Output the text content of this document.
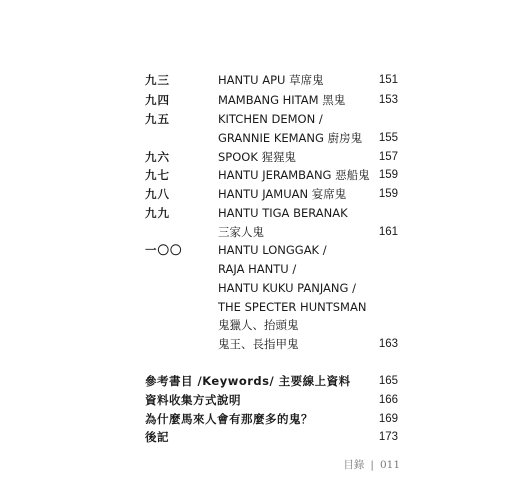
九三	HANTU APU 草席鬼	151
九四	MAMBANG HITAM 黑鬼	153
九五	KITCHEN DEMON /
GRANNIE KEMANG 廚房鬼 155
九六	SPOOK 猩猩鬼	157
九七	HANTU JERAMBANG 惡船鬼 159
九八	HANTU JAMUAN 宴席鬼	159
九九	HANTU TIGA BERANAK
三家人鬼	161
一〇〇	HANTU LONGGAK /
RAJA HANTU /
HANTU KUKU PANJANG /
THE SPECTER HUNTSMAN
鬼獵人、抬頭鬼
鬼王、長指甲鬼	163
參考書目 /Keywords/ 主要線上資料 165
資料收集方式說明	166
為什麼馬來人會有那麼多的鬼？	169
後記	173
目錄 | 011
